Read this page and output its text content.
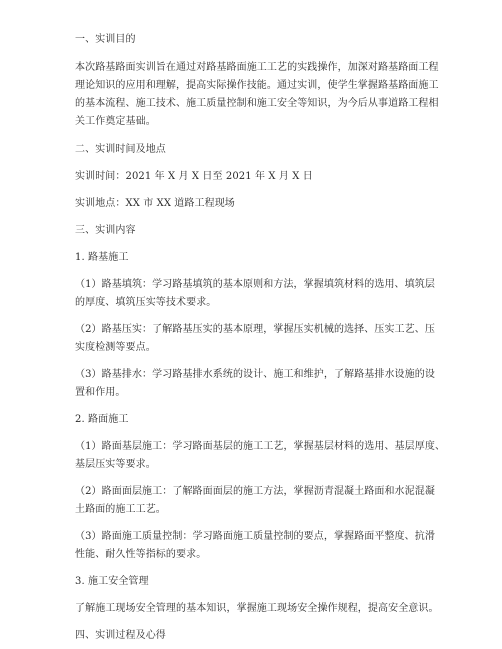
一、实训目的
本次路基路面实训旨在通过对路基路面施工工艺的实践操作，加深对路基路面工程
理论知识的应用和理解，提高实际操作技能。通过实训，使学生掌握路基路面施工
的基本流程、施工技术、施工质量控制和施工安全等知识，为今后从事道路工程相
关工作奠定基础。
二、实训时间及地点
实训时间：2021 年 X 月 X 日至 2021 年 X 月 X 日
实训地点：XX 市 XX 道路工程现场
三、实训内容
1. 路基施工
（1）路基填筑：学习路基填筑的基本原则和方法，掌握填筑材料的选用、填筑层
的厚度、填筑压实等技术要求。
（2）路基压实：了解路基压实的基本原理，掌握压实机械的选择、压实工艺、压
实度检测等要点。
（3）路基排水：学习路基排水系统的设计、施工和维护，了解路基排水设施的设
置和作用。
2. 路面施工
（1）路面基层施工：学习路面基层的施工工艺，掌握基层材料的选用、基层厚度、
基层压实等要求。
（2）路面面层施工：了解路面面层的施工方法，掌握沥青混凝土路面和水泥混凝
土路面的施工工艺。
（3）路面施工质量控制：学习路面施工质量控制的要点，掌握路面平整度、抗滑
性能、耐久性等指标的要求。
3. 施工安全管理
了解施工现场安全管理的基本知识，掌握施工现场安全操作规程，提高安全意识。
四、实训过程及心得
